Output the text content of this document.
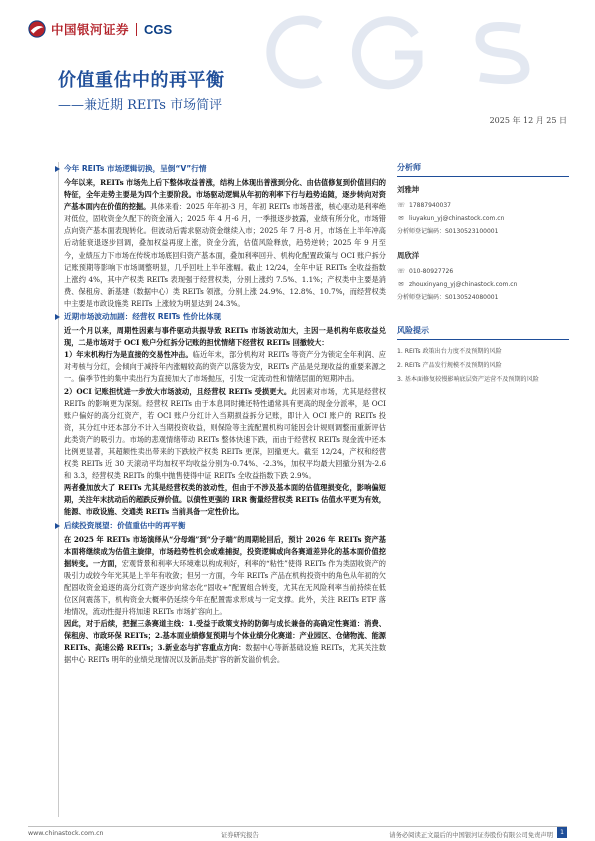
中国银河证券 CGS
价值重估中的再平衡
——兼近期 REITs 市场简评
2025 年 12 月 25 日
今年 REITs 市场逻辑切换，呈倒“V”行情

今年以来，REITs 市场先上后下整体收益普涨，结构上体现出普涨到分化、由估值修复到价值回归的特征，全年走势主要是为四个主要阶段。市场驱动逻辑从年初的利率下行与趋势追随，逐步转向对资产基本面内在价值的挖掘。具体来看：2025 年年初-3 月，年初 REITs 市场普涨，核心驱动是利率绝对低位，固收资金久配下的资金涌入；2025 年 4 月-6 月，一季报逐步披露，业绩有所分化，市场错点向资产基本面表现转化。但波动后需求驱动资金继续入市；2025 年 7 月-8 月，市场在上半年冲高后动能衰退逐步回调，叠加权益再度上涨，资金分流，估值风险释放，趋势逆转；2025 年 9 月至今，业绩压力下市场在传统市场底回归资产基本面，叠加利率回升、机构化配置政策与 OCI 账户拆分记账预期等影响下市场调整明显，几乎回吐上半年涨幅。截止 12/24，全年中证 REITs 全收益指数上涨约 4%，其中产权类 REITs 表现强于经营权类，分别上涨约 7.5%、1.1%；产权类中主要是消费、保租房、新基建（数据中心）类 REITs 领涨，分别上涨 24.9%、12.8%、10.7%，而经营权类中主要是市政设施类 REITs 上涨较为明显达到 24.3%。

近期市场波动加剧：经营权 REITs 性价比体现

近一个月以来，周期性因素与事件驱动共振导致 REITs 市场波动加大，主因一是机构年底收益兑现，二是市场对于 OCI 账户分红拆分记账的担忧情绪下经营权 REITs 回撤较大：

1）年末机构行为是直接的交易性冲击。临近年末，部分机构对 REITs 等资产分为锁定全年利润、应对考核与分红，会倾向于减持年内涨幅较高的资产以落袋为安，REITs 产品是兑现收益的重要来源之一。偏季节性的集中卖出行为直接加大了市场抛压，引发一定流动性和情绪层面的短期冲击。

2）OCI 记账担忧进一步放大市场波动，且经营权 REITs 受损更大。此因素对市场，尤其是经营权 REITs 的影响更为深刻。经营权 REITs 由于本息同时摊还特性通常具有更高的现金分派率，是 OCI 账户偏好的高分红资产，若 OCI 账户分红计入当期损益拆分记账，即计入 OCI 账户的 REITs 投资，其分红中还本部分不计入当期投资收益，则保险等主流配置机构可能因会计规则调整而重新评估此类资产的吸引力。市场的悲观情绪带动 REITs 整体快速下跌，而由于经营权 REITs 现金流中还本比例更显著，其超额性卖出带来的下跌较产权类 REITs 更深，回撤更大。截至 12/24，产权和经营权类 REITs 近 30 天滚动平均加权平均收益分别为-0.74%、-2.3%，加权平均最大回撤分别为-2.6 和 3.3，经营权类 REITs 的集中抛售使得中证 REITs 全收益指数下跌 2.9%。

两者叠加放大了 REITs 尤其是经营权类的波动性，但由于不涉及基本面的估值理损变化，影响偏短期，关注年末扰动后的超跌反弹价值。以债性更强的 IRR 衡量经营权类 REITs 估值水平更为有效，能源、市政设施、交通类 REITs 当前具备一定性价比。

后续投资展望：价值重估中的再平衡

在 2025 年 REITs 市场演绎从“分母端”到“分子端”的周期轮回后，预计 2026 年 REITs 资产基本面将继续成为估值主旋律，市场趋势性机会或难捕捉，投资逻辑或向各赛道差异化的基本面价值挖掘转变。一方面，宏观背景和利率大环境难以构成利好，利率的“粘性”使得 REITs 作为类固收资产的吸引力或较今年光其是上半年有收敛；但另一方面，今年 REITs 产品在机构投资中的角色从年初的欠配固收资金追逐的高分红资产逐步向常态化“固收+”配置组合转变，尤其在无风险利率当前持续在低位区间震荡下，机构资金大概率仍延续今年在配置需求形成与一定支撑。此外，关注 REITs ETF 落地情况，流动性提升将加速 REITs 市场扩容向上。

因此，对于后续，把握三条赛道主线：1.受益于政策支持的防御与成长兼备的高确定性赛道：消费、保租房、市政环保 REITs；2.基本面业绩修复预期与个体业绩分化赛道：产业园区、仓储物流、能源 REITs、高速公路 REITs；3.新业态与扩容重点方向：数据中心等新基础设施 REITs，尤其关注数据中心 REITs 明年的业绩兑现情况以及新品类扩容的新发溢价机会。

分析师
刘雅坤
☏ 17887940037
✉ liuyakun_yj@chinastock.com.cn
分析师登记编码：S0130523100001
周欣洋
☏ 010-80927726
✉ zhouxinyang_yj@chinastock.com.cn
分析师登记编码：S0130524080001
风险提示
1. REITs 政策出台力度不及预期的风险
2. REITs 产品发行规模不及预期的风险
3. 基本面修复较慢影响底层资产运营不及预期的风险
www.chinastock.com.cn	证券研究报告	请务必阅读正文最后的中国银河证券股份有限公司免责声明	1
